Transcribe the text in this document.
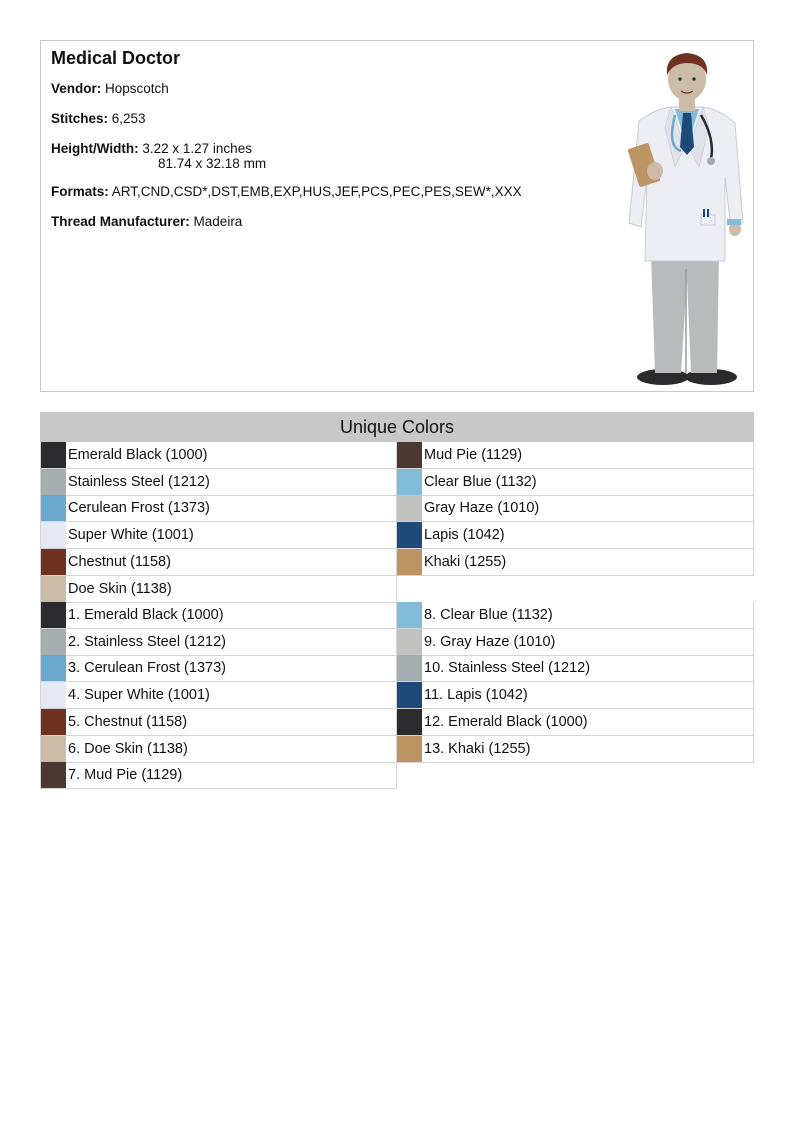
Medical Doctor
Vendor: Hopscotch
Stitches: 6,253
Height/Width: 3.22 x 1.27 inches
81.74 x 32.18 mm
Formats: ART,CND,CSD*,DST,EMB,EXP,HUS,JEF,PCS,PEC,PES,SEW*,XXX
Thread Manufacturer: Madeira
Unique Colors
Emerald Black (1000)
Stainless Steel (1212)
Cerulean Frost (1373)
Super White (1001)
Chestnut (1158)
Doe Skin (1138)
Mud Pie (1129)
Clear Blue (1132)
Gray Haze (1010)
Lapis (1042)
Khaki (1255)
1. Emerald Black (1000)
2. Stainless Steel (1212)
3. Cerulean Frost (1373)
4. Super White (1001)
5. Chestnut (1158)
6. Doe Skin (1138)
7. Mud Pie (1129)
8. Clear Blue (1132)
9. Gray Haze (1010)
10. Stainless Steel (1212)
11. Lapis (1042)
12. Emerald Black (1000)
13. Khaki (1255)
